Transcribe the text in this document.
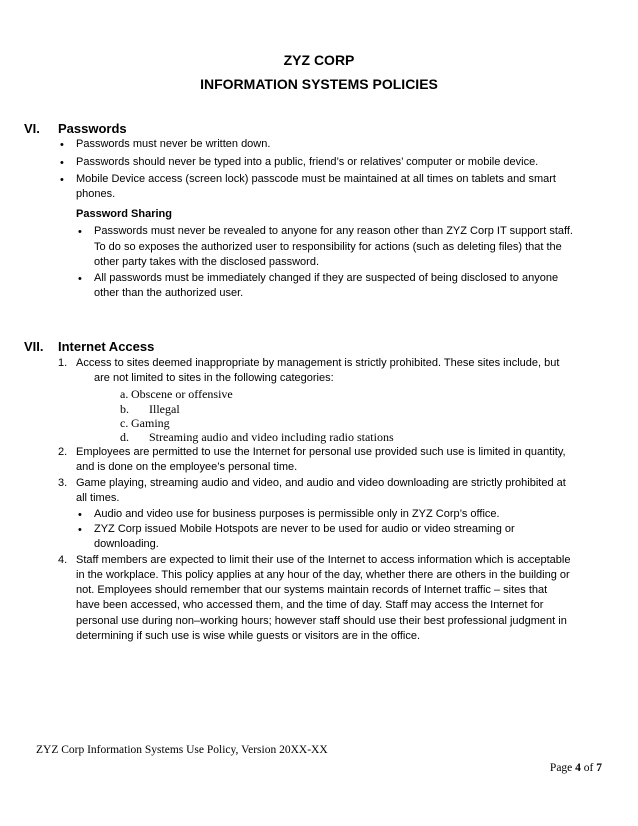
ZYZ CORP
INFORMATION SYSTEMS POLICIES
VI. Passwords
• Passwords must never be written down.
• Passwords should never be typed into a public, friend’s or relatives’ computer or mobile device.
• Mobile Device access (screen lock) passcode must be maintained at all times on tablets and smart
phones.
Password Sharing
• Passwords must never be revealed to anyone for any reason other than ZYZ Corp IT support staff.
To do so exposes the authorized user to responsibility for actions (such as deleting files) that the
other party takes with the disclosed password.
• All passwords must be immediately changed if they are suspected of being disclosed to anyone
other than the authorized user.
VII. Internet Access
1. Access to sites deemed inappropriate by management is strictly prohibited. These sites include, but
are not limited to sites in the following categories:
a. Obscene or offensive
b. Illegal
c. Gaming
d. Streaming audio and video including radio stations
2. Employees are permitted to use the Internet for personal use provided such use is limited in quantity,
and is done on the employee’s personal time.
3. Game playing, streaming audio and video, and audio and video downloading are strictly prohibited at
all times.
• Audio and video use for business purposes is permissible only in ZYZ Corp’s office.
• ZYZ Corp issued Mobile Hotspots are never to be used for audio or video streaming or
downloading.
4. Staff members are expected to limit their use of the Internet to access information which is acceptable
in the workplace. This policy applies at any hour of the day, whether there are others in the building or
not. Employees should remember that our systems maintain records of Internet traffic – sites that
have been accessed, who accessed them, and the time of day. Staff may access the Internet for
personal use during non–working hours; however staff should use their best professional judgment in
determining if such use is wise while guests or visitors are in the office.
ZYZ Corp Information Systems Use Policy, Version 20XX-XX
Page 4 of 7
